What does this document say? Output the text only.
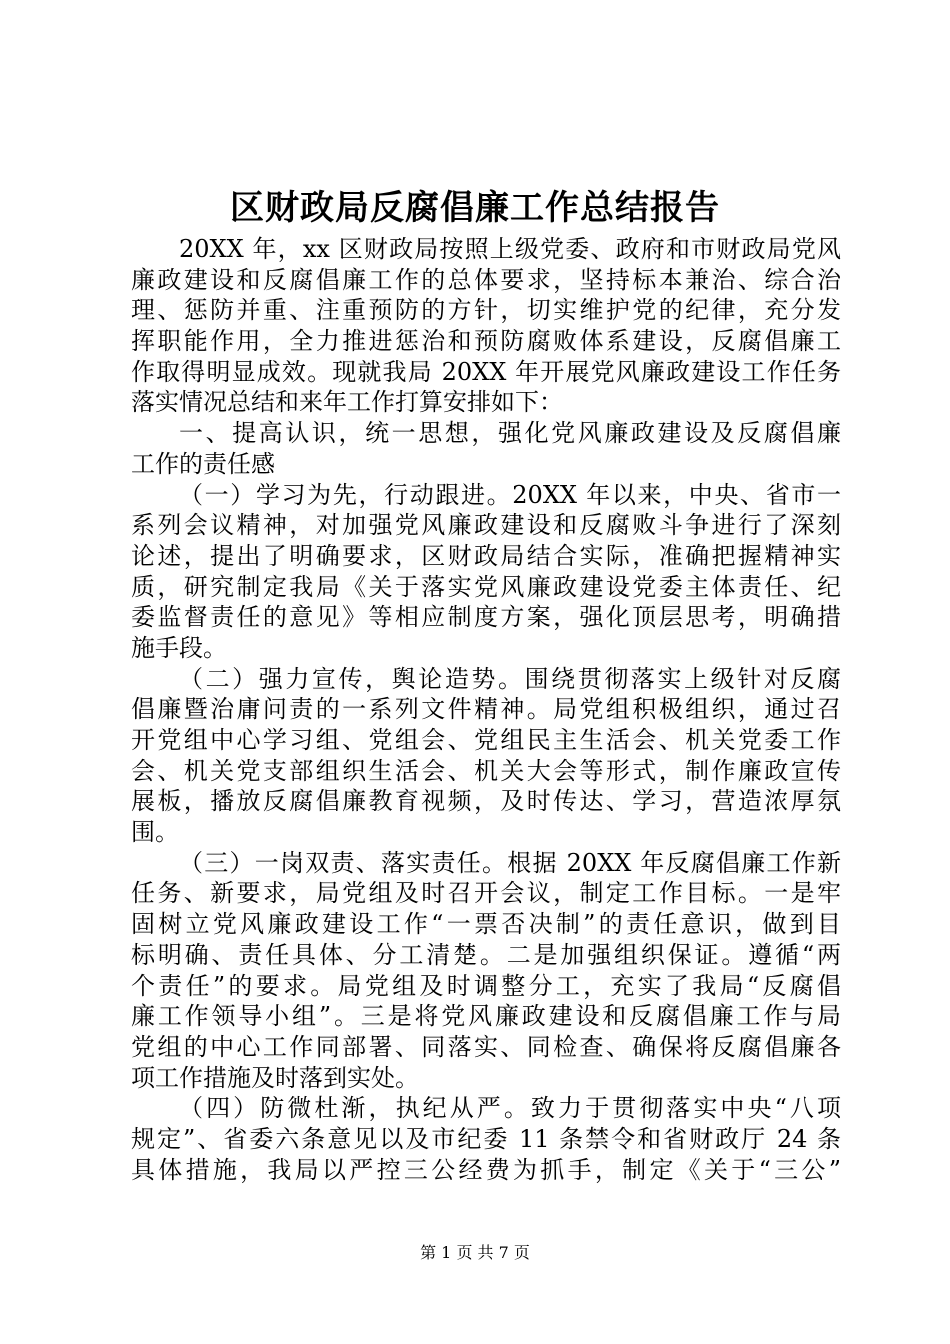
区财政局反腐倡廉工作总结报告
20XX 年，xx 区财政局按照上级党委、政府和市财政局党风
廉政建设和反腐倡廉工作的总体要求，坚持标本兼治、综合治
理、惩防并重、注重预防的方针，切实维护党的纪律，充分发
挥职能作用，全力推进惩治和预防腐败体系建设，反腐倡廉工
作取得明显成效。现就我局 20XX 年开展党风廉政建设工作任务
落实情况总结和来年工作打算安排如下：
一、提高认识，统一思想，强化党风廉政建设及反腐倡廉
工作的责任感
（一）学习为先，行动跟进。20XX 年以来，中央、省市一
系列会议精神，对加强党风廉政建设和反腐败斗争进行了深刻
论述，提出了明确要求，区财政局结合实际，准确把握精神实
质，研究制定我局《关于落实党风廉政建设党委主体责任、纪
委监督责任的意见》等相应制度方案，强化顶层思考，明确措
施手段。
（二）强力宣传，舆论造势。围绕贯彻落实上级针对反腐
倡廉暨治庸问责的一系列文件精神。局党组积极组织，通过召
开党组中心学习组、党组会、党组民主生活会、机关党委工作
会、机关党支部组织生活会、机关大会等形式，制作廉政宣传
展板，播放反腐倡廉教育视频，及时传达、学习，营造浓厚氛
围。
（三）一岗双责、落实责任。根据 20XX 年反腐倡廉工作新
任务、新要求，局党组及时召开会议，制定工作目标。一是牢
固树立党风廉政建设工作“一票否决制”的责任意识，做到目
标明确、责任具体、分工清楚。二是加强组织保证。遵循“两
个责任”的要求。局党组及时调整分工，充实了我局“反腐倡
廉工作领导小组”。三是将党风廉政建设和反腐倡廉工作与局
党组的中心工作同部署、同落实、同检查、确保将反腐倡廉各
项工作措施及时落到实处。
（四）防微杜渐，执纪从严。致力于贯彻落实中央“八项
规定”、省委六条意见以及市纪委 11 条禁令和省财政厅 24 条
具体措施，我局以严控三公经费为抓手，制定《关于“三公”
第 1 页 共 7 页
